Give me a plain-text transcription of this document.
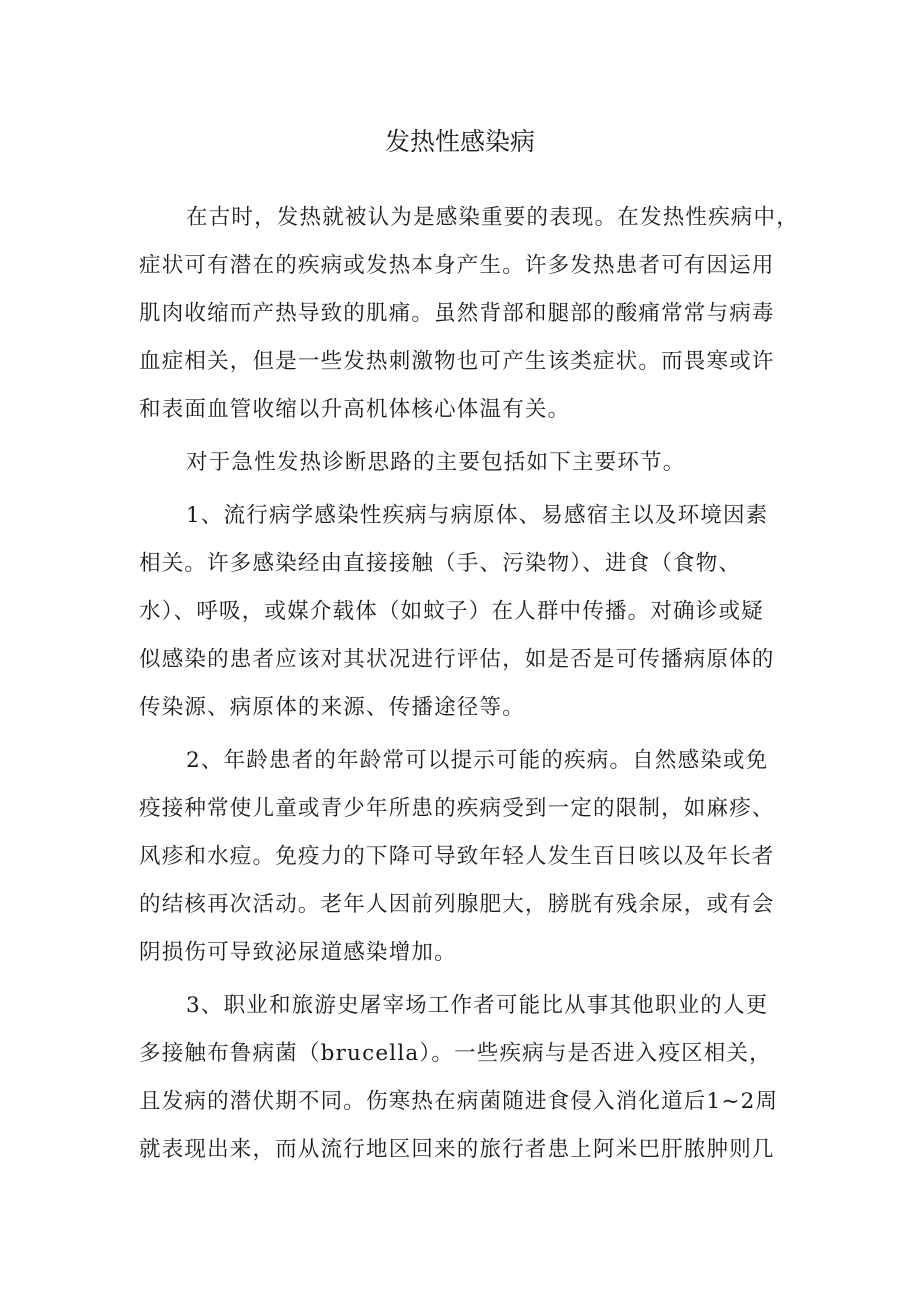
发热性感染病
在古时，发热就被认为是感染重要的表现。在发热性疾病中，
症状可有潜在的疾病或发热本身产生。许多发热患者可有因运用
肌肉收缩而产热导致的肌痛。虽然背部和腿部的酸痛常常与病毒
血症相关，但是一些发热刺激物也可产生该类症状。而畏寒或许
和表面血管收缩以升高机体核心体温有关。
对于急性发热诊断思路的主要包括如下主要环节。
1、流行病学感染性疾病与病原体、易感宿主以及环境因素
相关。许多感染经由直接接触（手、污染物）、进食（食物、
水）、呼吸，或媒介载体（如蚊子）在人群中传播。对确诊或疑
似感染的患者应该对其状况进行评估，如是否是可传播病原体的
传染源、病原体的来源、传播途径等。
2、年龄患者的年龄常可以提示可能的疾病。自然感染或免
疫接种常使儿童或青少年所患的疾病受到一定的限制，如麻疹、
风疹和水痘。免疫力的下降可导致年轻人发生百日咳以及年长者
的结核再次活动。老年人因前列腺肥大，膀胱有残余尿，或有会
阴损伤可导致泌尿道感染增加。
3、职业和旅游史屠宰场工作者可能比从事其他职业的人更
多接触布鲁病菌（brucella）。一些疾病与是否进入疫区相关，
且发病的潜伏期不同。伤寒热在病菌随进食侵入消化道后1~2周
就表现出来，而从流行地区回来的旅行者患上阿米巴肝脓肿则几
